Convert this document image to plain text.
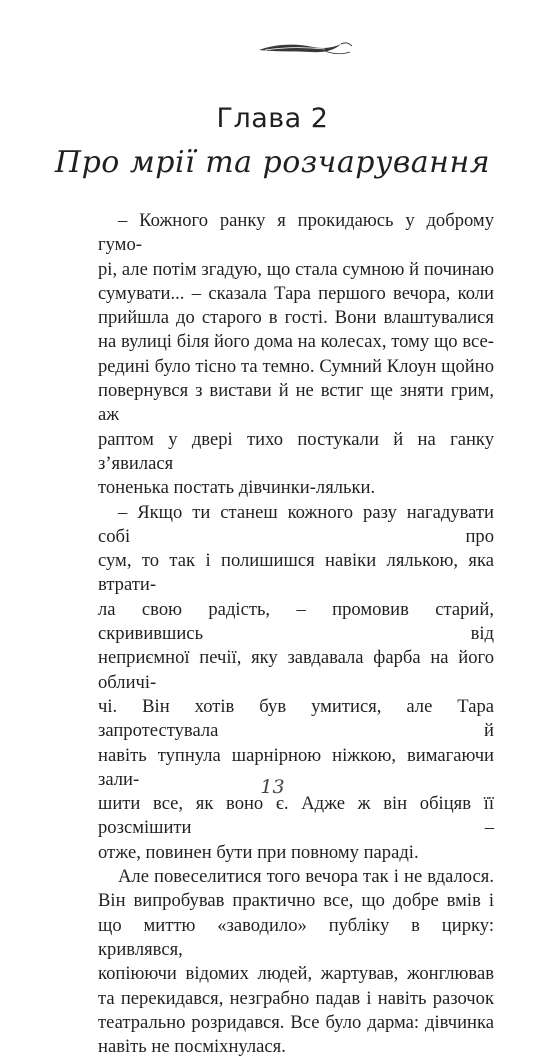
Глава 2
Про мрії та розчарування
– Кожного ранку я прокидаюсь у доброму гумо-
рі, але потім згадую, що стала сумною й починаю
сумувати... – сказала Тара першого вечора, коли
прийшла до старого в гості. Вони влаштувалися
на вулиці біля його дома на колесах, тому що все-
редині було тісно та темно. Сумний Клоун щойно
повернувся з вистави й не встиг ще зняти грим, аж
раптом у двері тихо постукали й на ганку з’явилася
тоненька постать дівчинки-ляльки.
– Якщо ти станеш кожного разу нагадувати собі про
сум, то так і полишишся навіки лялькою, яка втрати-
ла свою радість, – промовив старий, скривившись від
неприємної печії, яку завдавала фарба на його обличі-
чі. Він хотів був умитися, але Тара запротестувала й
навіть тупнула шарнірною ніжкою, вимагаючи зали-
шити все, як воно є. Адже ж він обіцяв її розсмішити –
отже, повинен бути при повному параді.
Але повеселитися того вечора так і не вдалося.
Він випробував практично все, що добре вмів і
що миттю «заводило» публіку в цирку: кривлявся,
копіюючи відомих людей, жартував, жонглював
та перекидався, незграбно падав і навіть разочок
театрально розридався. Все було дарма: дівчинка
навіть не посміхнулася.
13
